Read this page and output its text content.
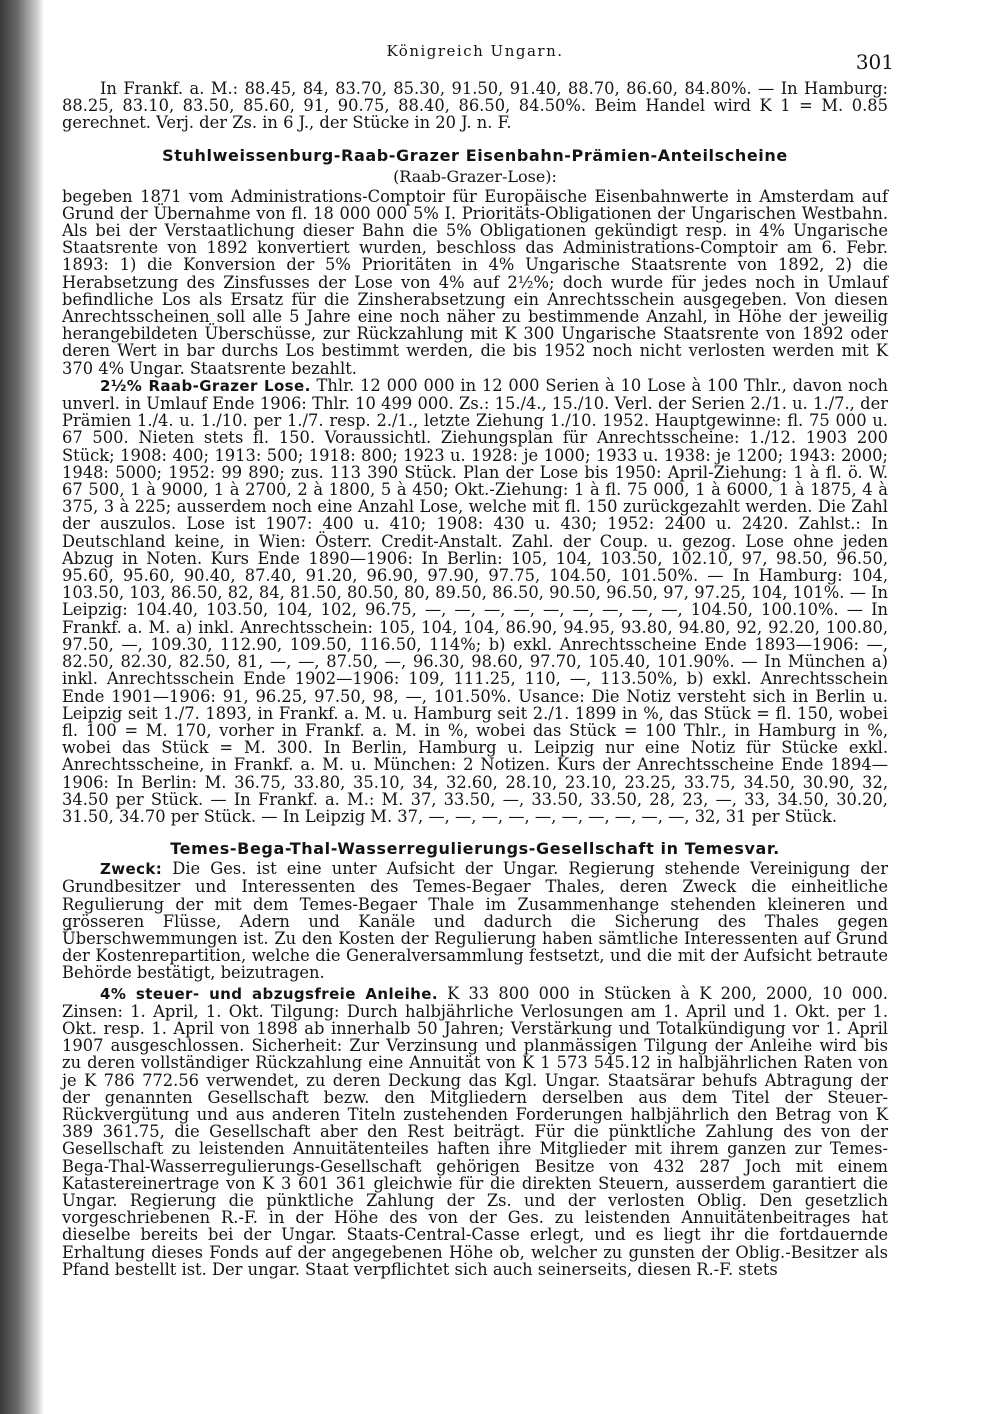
Königreich Ungarn.	301

In Frankf. a. M.: 88.45, 84, 83.70, 85.30, 91.50, 91.40, 88.70, 86.60, 84.80%. — In Hamburg: 88.25, 83.10, 83.50, 85.60, 91, 90.75, 88.40, 86.50, 84.50%. Beim Handel wird K 1 = M. 0.85 gerechnet. Verj. der Zs. in 6 J., der Stücke in 20 J. n. F.

Stuhlweissenburg-Raab-Grazer Eisenbahn-Prämien-Anteilscheine
(Raab-Grazer-Lose):

begeben 1871 vom Administrations-Comptoir für Europäische Eisenbahnwerte in Amsterdam auf Grund der Übernahme von fl. 18 000 000 5% I. Prioritäts-Obligationen der Ungarischen Westbahn. Als bei der Verstaatlichung dieser Bahn die 5% Obligationen gekündigt resp. in 4% Ungarische Staatsrente von 1892 konvertiert wurden, beschloss das Administrations-Comptoir am 6. Febr. 1893: 1) die Konversion der 5% Prioritäten in 4% Ungarische Staatsrente von 1892, 2) die Herabsetzung des Zinsfusses der Lose von 4% auf 2½%; doch wurde für jedes noch in Umlauf befindliche Los als Ersatz für die Zinsherabsetzung ein Anrechtsschein ausgegeben. Von diesen Anrechtsscheinen soll alle 5 Jahre eine noch näher zu bestimmende Anzahl, in Höhe der jeweilig herangebildeten Überschüsse, zur Rückzahlung mit K 300 Ungarische Staatsrente von 1892 oder deren Wert in bar durchs Los bestimmt werden, die bis 1952 noch nicht verlosten werden mit K 370 4% Ungar. Staatsrente bezahlt.

2½% Raab-Grazer Lose. Thlr. 12 000 000 in 12 000 Serien à 10 Lose à 100 Thlr., davon noch unverl. in Umlauf Ende 1906: Thlr. 10 499 000. Zs.: 15./4., 15./10. Verl. der Serien 2./1. u. 1./7., der Prämien 1./4. u. 1./10. per 1./7. resp. 2./1., letzte Ziehung 1./10. 1952. Hauptgewinne: fl. 75 000 u. 67 500. Nieten stets fl. 150. Voraussichtl. Ziehungsplan für Anrechtsscheine: 1./12. 1903 200 Stück; 1908: 400; 1913: 500; 1918: 800; 1923 u. 1928: je 1000; 1933 u. 1938: je 1200; 1943: 2000; 1948: 5000; 1952: 99 890; zus. 113 390 Stück. Plan der Lose bis 1950: April-Ziehung: 1 à fl. ö. W. 67 500, 1 à 9000, 1 à 2700, 2 à 1800, 5 à 450; Okt.-Ziehung: 1 à fl. 75 000, 1 à 6000, 1 à 1875, 4 à 375, 3 à 225; ausserdem noch eine Anzahl Lose, welche mit fl. 150 zurückgezahlt werden. Die Zahl der auszulos. Lose ist 1907: 400 u. 410; 1908: 430 u. 430; 1952: 2400 u. 2420. Zahlst.: In Deutschland keine, in Wien: Österr. Credit-Anstalt. Zahl. der Coup. u. gezog. Lose ohne jeden Abzug in Noten. Kurs Ende 1890—1906: In Berlin: 105, 104, 103.50, 102.10, 97, 98.50, 96.50, 95.60, 95.60, 90.40, 87.40, 91.20, 96.90, 97.90, 97.75, 104.50, 101.50%. — In Hamburg: 104, 103.50, 103, 86.50, 82, 84, 81.50, 80.50, 80, 89.50, 86.50, 90.50, 96.50, 97, 97.25, 104, 101%. — In Leipzig: 104.40, 103.50, 104, 102, 96.75, —, —, —, —, —, —, —, —, —, 104.50, 100.10%. — In Frankf. a. M. a) inkl. Anrechtsschein: 105, 104, 104, 86.90, 94.95, 93.80, 94.80, 92, 92.20, 100.80, 97.50, —, 109.30, 112.90, 109.50, 116.50, 114%; b) exkl. Anrechtsscheine Ende 1893—1906: —, 82.50, 82.30, 82.50, 81, —, —, 87.50, —, 96.30, 98.60, 97.70, 105.40, 101.90%. — In München a) inkl. Anrechtsschein Ende 1902—1906: 109, 111.25, 110, —, 113.50%, b) exkl. Anrechtsschein Ende 1901—1906: 91, 96.25, 97.50, 98, —, 101.50%. Usance: Die Notiz versteht sich in Berlin u. Leipzig seit 1./7. 1893, in Frankf. a. M. u. Hamburg seit 2./1. 1899 in %, das Stück = fl. 150, wobei fl. 100 = M. 170, vorher in Frankf. a. M. in %, wobei das Stück = 100 Thlr., in Hamburg in %, wobei das Stück = M. 300. In Berlin, Hamburg u. Leipzig nur eine Notiz für Stücke exkl. Anrechtsscheine, in Frankf. a. M. u. München: 2 Notizen. Kurs der Anrechtsscheine Ende 1894—1906: In Berlin: M. 36.75, 33.80, 35.10, 34, 32.60, 28.10, 23.10, 23.25, 33.75, 34.50, 30.90, 32, 34.50 per Stück. — In Frankf. a. M.: M. 37, 33.50, —, 33.50, 33.50, 28, 23, —, 33, 34.50, 30.20, 31.50, 34.70 per Stück. — In Leipzig M. 37, —, —, —, —, —, —, —, —, —, —, 32, 31 per Stück.

Temes-Bega-Thal-Wasserregulierungs-Gesellschaft in Temesvar.

Zweck: Die Ges. ist eine unter Aufsicht der Ungar. Regierung stehende Vereinigung der Grundbesitzer und Interessenten des Temes-Begaer Thales, deren Zweck die einheitliche Regulierung der mit dem Temes-Begaer Thale im Zusammenhange stehenden kleineren und grösseren Flüsse, Adern und Kanäle und dadurch die Sicherung des Thales gegen Überschwemmungen ist. Zu den Kosten der Regulierung haben sämtliche Interessenten auf Grund der Kostenrepartition, welche die Generalversammlung festsetzt, und die mit der Aufsicht betraute Behörde bestätigt, beizutragen.

4% steuer- und abzugsfreie Anleihe. K 33 800 000 in Stücken à K 200, 2000, 10 000. Zinsen: 1. April, 1. Okt. Tilgung: Durch halbjährliche Verlosungen am 1. April und 1. Okt. per 1. Okt. resp. 1. April von 1898 ab innerhalb 50 Jahren; Verstärkung und Totalkündigung vor 1. April 1907 ausgeschlossen. Sicherheit: Zur Verzinsung und planmässigen Tilgung der Anleihe wird bis zu deren vollständiger Rückzahlung eine Annuität von K 1 573 545.12 in halbjährlichen Raten von je K 786 772.56 verwendet, zu deren Deckung das Kgl. Ungar. Staatsärar behufs Abtragung der der genannten Gesellschaft bezw. den Mitgliedern derselben aus dem Titel der Steuer-Rückvergütung und aus anderen Titeln zustehenden Forderungen halbjährlich den Betrag von K 389 361.75, die Gesellschaft aber den Rest beiträgt. Für die pünktliche Zahlung des von der Gesellschaft zu leistenden Annuitätenteiles haften ihre Mitglieder mit ihrem ganzen zur Temes-Bega-Thal-Wasserregulierungs-Gesellschaft gehörigen Besitze von 432 287 Joch mit einem Katastereinertrage von K 3 601 361 gleichwie für die direkten Steuern, ausserdem garantiert die Ungar. Regierung die pünktliche Zahlung der Zs. und der verlosten Oblig. Den gesetzlich vorgeschriebenen R.-F. in der Höhe des von der Ges. zu leistenden Annuitätenbeitrages hat dieselbe bereits bei der Ungar. Staats-Central-Casse erlegt, und es liegt ihr die fortdauernde Erhaltung dieses Fonds auf der angegebenen Höhe ob, welcher zu gunsten der Oblig.-Besitzer als Pfand bestellt ist. Der ungar. Staat verpflichtet sich auch seinerseits, diesen R.-F. stets
